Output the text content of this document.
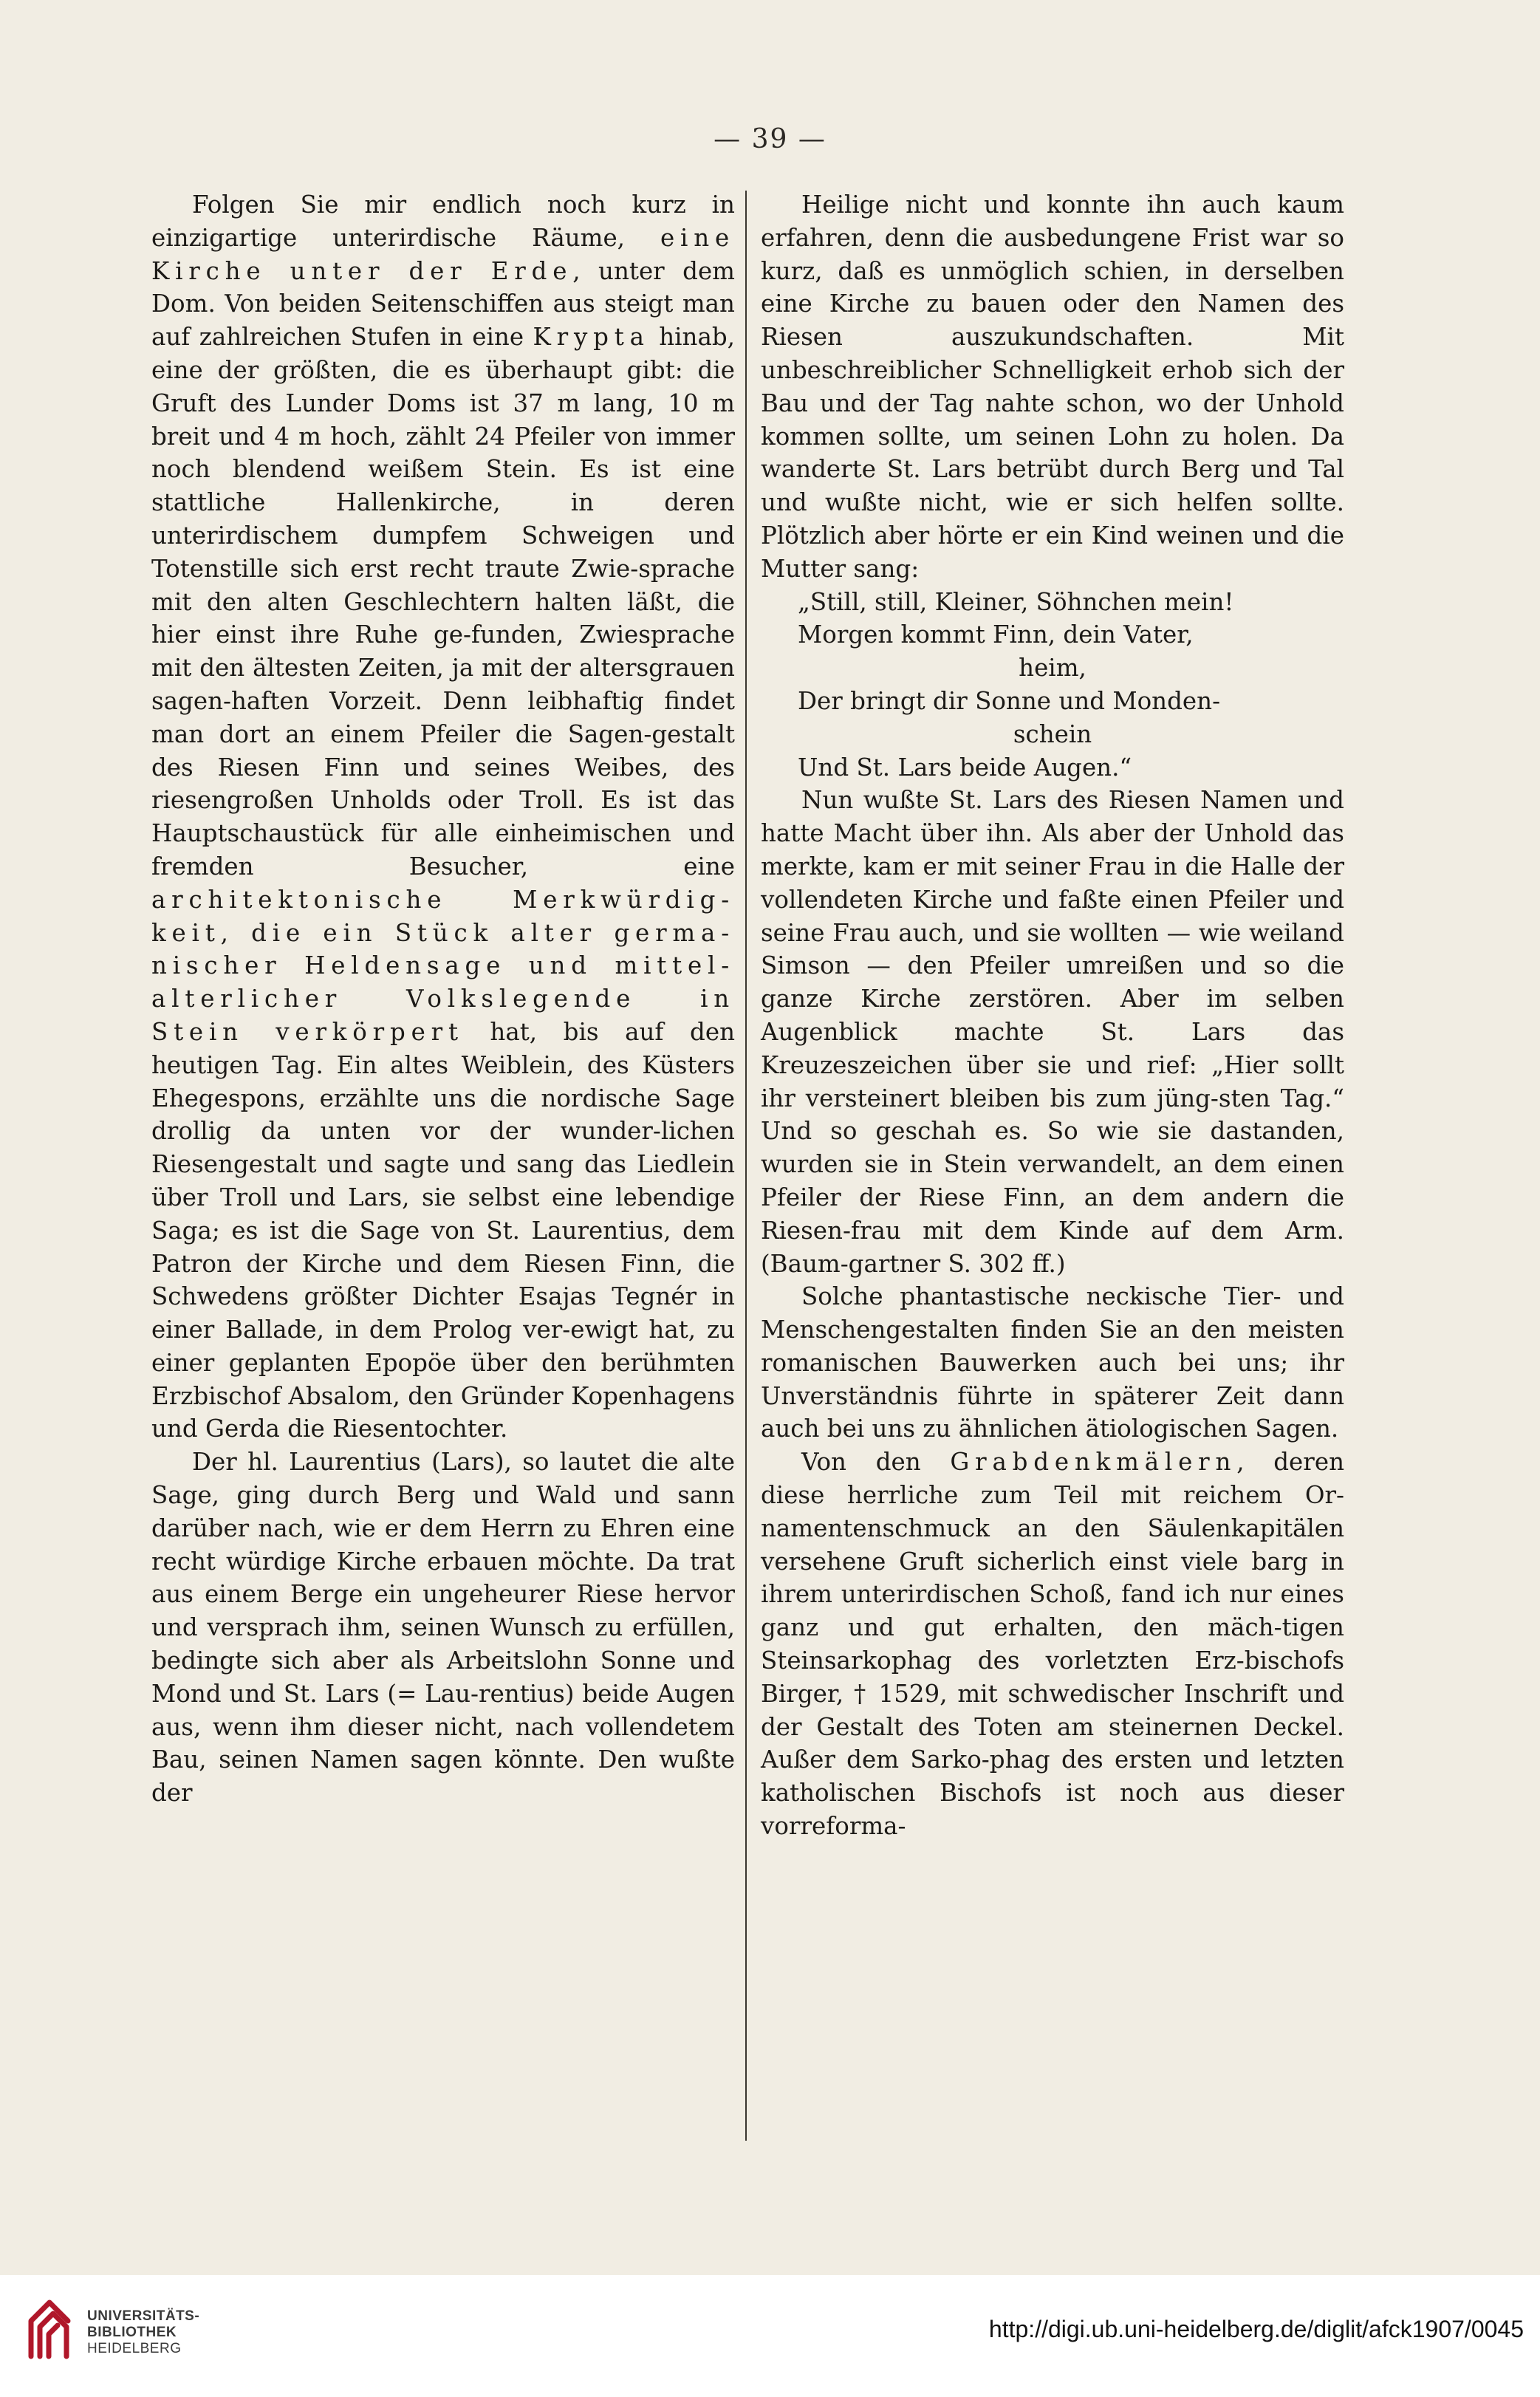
— 39 —

Folgen Sie mir endlich noch kurz in einzigartige unterirdische Räume, eine Kirche unter der Erde, unter dem Dom. Von beiden Seitenschiffen aus steigt man auf zahlreichen Stufen in eine Krypta hinab, eine der größten, die es überhaupt gibt: die Gruft des Lunder Doms ist 37 m lang, 10 m breit und 4 m hoch, zählt 24 Pfeiler von immer noch blendend weißem Stein. Es ist eine stattliche Hallenkirche, in deren unterirdischem dumpfem Schweigen und Totenstille sich erst recht traute Zwie-sprache mit den alten Geschlechtern halten läßt, die hier einst ihre Ruhe ge-funden, Zwiesprache mit den ältesten Zeiten, ja mit der altersgrauen sagen-haften Vorzeit. Denn leibhaftig findet man dort an einem Pfeiler die Sagen-gestalt des Riesen Finn und seines Weibes, des riesengroßen Unholds oder Troll. Es ist das Hauptschaustück für alle einheimischen und fremden Besucher, eine architektonische Merkwürdig-keit, die ein Stück alter germa-nischer Heldensage und mittel-alterlicher Volkslegende in Stein verkörpert hat, bis auf den heutigen Tag. Ein altes Weiblein, des Küsters Ehegespons, erzählte uns die nordische Sage drollig da unten vor der wunder-lichen Riesengestalt und sagte und sang das Liedlein über Troll und Lars, sie selbst eine lebendige Saga; es ist die Sage von St. Laurentius, dem Patron der Kirche und dem Riesen Finn, die Schwedens größter Dichter Esajas Tegnér in einer Ballade, in dem Prolog ver-ewigt hat, zu einer geplanten Epopöe über den berühmten Erzbischof Absalom, den Gründer Kopenhagens und Gerda die Riesentochter.

Der hl. Laurentius (Lars), so lautet die alte Sage, ging durch Berg und Wald und sann darüber nach, wie er dem Herrn zu Ehren eine recht würdige Kirche erbauen möchte. Da trat aus einem Berge ein ungeheurer Riese hervor und versprach ihm, seinen Wunsch zu erfüllen, bedingte sich aber als Arbeitslohn Sonne und Mond und St. Lars (= Lau-rentius) beide Augen aus, wenn ihm dieser nicht, nach vollendetem Bau, seinen Namen sagen könnte. Den wußte der

Heilige nicht und konnte ihn auch kaum erfahren, denn die ausbedungene Frist war so kurz, daß es unmöglich schien, in derselben eine Kirche zu bauen oder den Namen des Riesen auszukundschaften. Mit unbeschreiblicher Schnelligkeit erhob sich der Bau und der Tag nahte schon, wo der Unhold kommen sollte, um seinen Lohn zu holen. Da wanderte St. Lars betrübt durch Berg und Tal und wußte nicht, wie er sich helfen sollte. Plötzlich aber hörte er ein Kind weinen und die Mutter sang:

„Still, still, Kleiner, Söhnchen mein!
Morgen kommt Finn, dein Vater,
heim,
Der bringt dir Sonne und Monden-
schein
Und St. Lars beide Augen.“

Nun wußte St. Lars des Riesen Namen und hatte Macht über ihn. Als aber der Unhold das merkte, kam er mit seiner Frau in die Halle der vollendeten Kirche und faßte einen Pfeiler und seine Frau auch, und sie wollten — wie weiland Simson — den Pfeiler umreißen und so die ganze Kirche zerstören. Aber im selben Augenblick machte St. Lars das Kreuzeszeichen über sie und rief: „Hier sollt ihr versteinert bleiben bis zum jüng-sten Tag.“ Und so geschah es. So wie sie dastanden, wurden sie in Stein verwandelt, an dem einen Pfeiler der Riese Finn, an dem andern die Riesen-frau mit dem Kinde auf dem Arm. (Baum-gartner S. 302 ff.)

Solche phantastische neckische Tier- und Menschengestalten finden Sie an den meisten romanischen Bauwerken auch bei uns; ihr Unverständnis führte in späterer Zeit dann auch bei uns zu ähnlichen ätiologischen Sagen.

Von den Grabdenkmälern, deren diese herrliche zum Teil mit reichem Or-namentenschmuck an den Säulenkapitälen versehene Gruft sicherlich einst viele barg in ihrem unterirdischen Schoß, fand ich nur eines ganz und gut erhalten, den mäch-tigen Steinsarkophag des vorletzten Erz-bischofs Birger, † 1529, mit schwedischer Inschrift und der Gestalt des Toten am steinernen Deckel. Außer dem Sarko-phag des ersten und letzten katholischen Bischofs ist noch aus dieser vorreforma-

UNIVERSITÄTS-
BIBLIOTHEK
HEIDELBERG
http://digi.ub.uni-heidelberg.de/diglit/afck1907/0045
